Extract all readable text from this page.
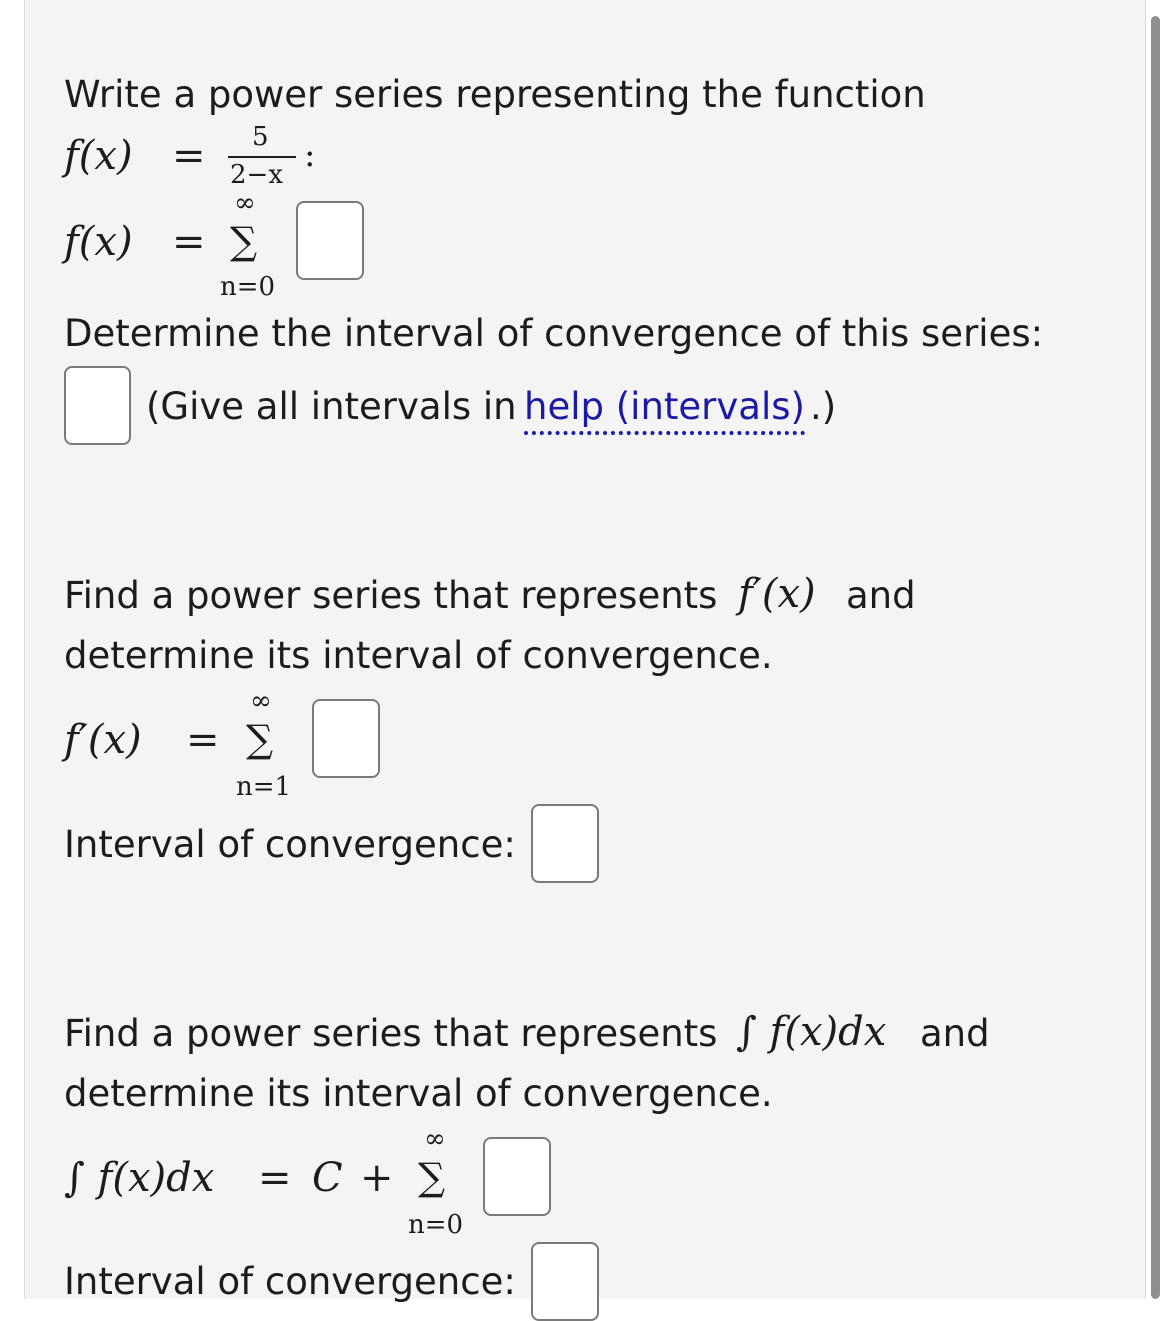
Write a power series representing the function
f(x) = 5
2−x :
f(x) =
∞
∑
n=0
Determine the interval of convergence of this series:
(Give all intervals in help (intervals) .)
Find a power series that represents f′(x) and
determine its interval of convergence.
f′(x) =
∞
∑
n=1
Interval of convergence:
Find a power series that represents ∫ f(x)dx and
determine its interval of convergence.
∫ f(x)dx = C +
∞
∑
n=0
Interval of convergence:
